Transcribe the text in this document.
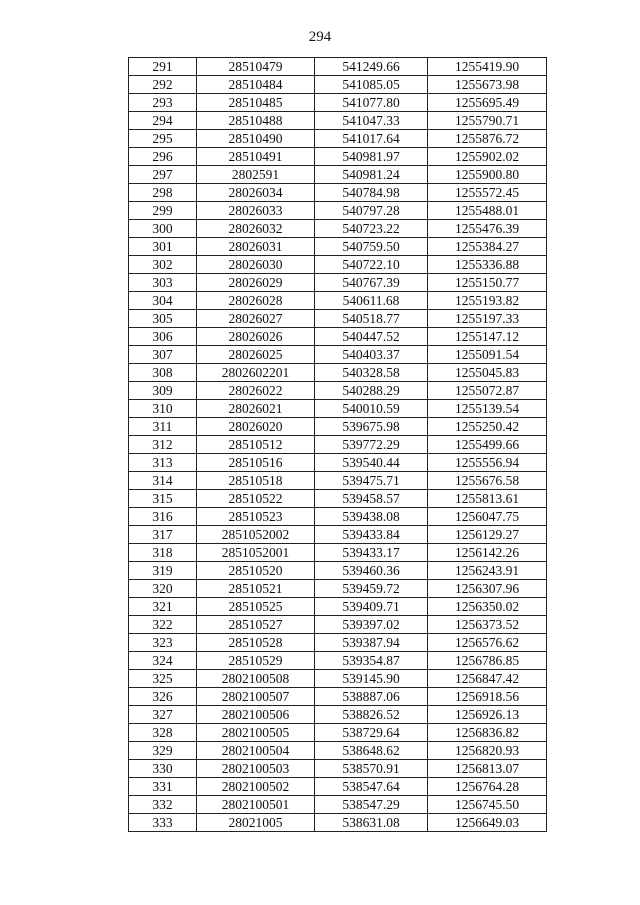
294
291	28510479	541249.66	1255419.90
292	28510484	541085.05	1255673.98
293	28510485	541077.80	1255695.49
294	28510488	541047.33	1255790.71
295	28510490	541017.64	1255876.72
296	28510491	540981.97	1255902.02
297	2802591	540981.24	1255900.80
298	28026034	540784.98	1255572.45
299	28026033	540797.28	1255488.01
300	28026032	540723.22	1255476.39
301	28026031	540759.50	1255384.27
302	28026030	540722.10	1255336.88
303	28026029	540767.39	1255150.77
304	28026028	540611.68	1255193.82
305	28026027	540518.77	1255197.33
306	28026026	540447.52	1255147.12
307	28026025	540403.37	1255091.54
308	2802602201	540328.58	1255045.83
309	28026022	540288.29	1255072.87
310	28026021	540010.59	1255139.54
311	28026020	539675.98	1255250.42
312	28510512	539772.29	1255499.66
313	28510516	539540.44	1255556.94
314	28510518	539475.71	1255676.58
315	28510522	539458.57	1255813.61
316	28510523	539438.08	1256047.75
317	2851052002	539433.84	1256129.27
318	2851052001	539433.17	1256142.26
319	28510520	539460.36	1256243.91
320	28510521	539459.72	1256307.96
321	28510525	539409.71	1256350.02
322	28510527	539397.02	1256373.52
323	28510528	539387.94	1256576.62
324	28510529	539354.87	1256786.85
325	2802100508	539145.90	1256847.42
326	2802100507	538887.06	1256918.56
327	2802100506	538826.52	1256926.13
328	2802100505	538729.64	1256836.82
329	2802100504	538648.62	1256820.93
330	2802100503	538570.91	1256813.07
331	2802100502	538547.64	1256764.28
332	2802100501	538547.29	1256745.50
333	28021005	538631.08	1256649.03
